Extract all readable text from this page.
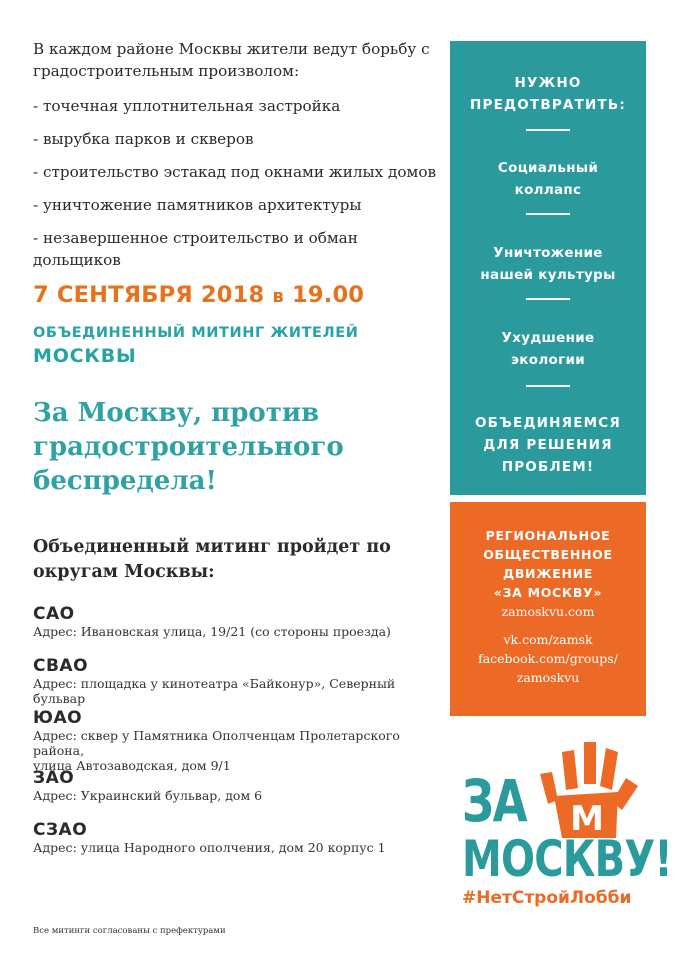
В каждом районе Москвы жители ведут борьбу с

градостроительным произволом:

- точечная уплотнительная застройка
- вырубка парков и скверов
- строительство эстакад под окнами жилых домов
- уничтожение памятников архитектуры
- незавершенное строительство и обман дольщиков
7 СЕНТЯБРЯ 2018 в 19.00
ОБЪЕДИНЕННЫЙ МИТИНГ ЖИТЕЛЕЙ
МОСКВЫ
За Москву, против
градостроительного
беспредела!
Объединенный митинг пройдет по
округам Москвы:
САО
Адрес: Ивановская улица, 19/21 (со стороны проезда)
СВАО
Адрес: площадка у кинотеатра «Байконур», Северный бульвар
ЮАО
Адрес: сквер у Памятника Ополченцам Пролетарского района,
улица Автозаводская, дом 9/1
ЗАО
Адрес: Украинский бульвар, дом 6
СЗАО
Адрес: улица Народного ополчения, дом 20 корпус 1
Все митинги согласованы с префектурами
НУЖНО
ПРЕДОТВРАТИТЬ:
Социальный
коллапс
Уничтожение
нашей культуры
Ухудшение
экологии
ОБЪЕДИНЯЕМСЯ
ДЛЯ РЕШЕНИЯ
ПРОБЛЕМ!
РЕГИОНАЛЬНОЕ
ОБЩЕСТВЕННОЕ
ДВИЖЕНИЕ
«ЗА МОСКВУ»
zamoskvu.com
vk.com/zamsk
facebook.com/groups/
zamoskvu
М
ЗА
МОСКВУ!
#НетСтройЛобби
